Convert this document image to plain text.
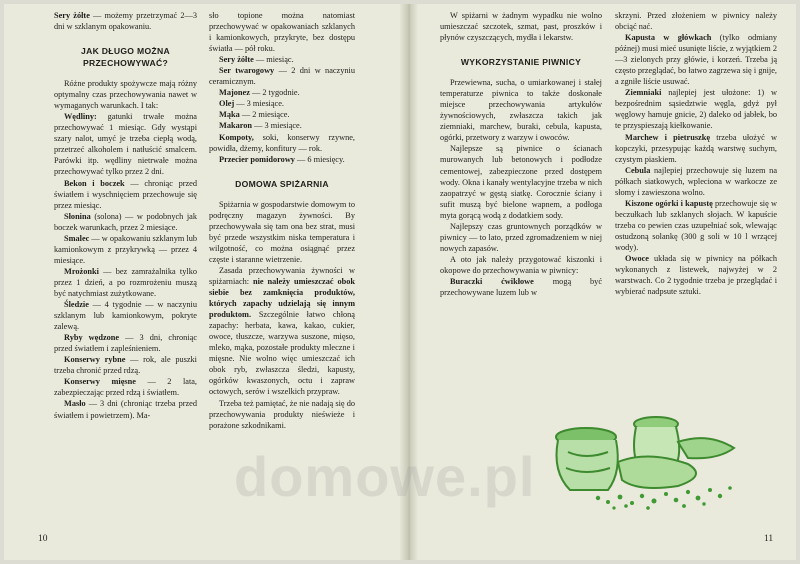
Sery żółte — możemy przetrzymać 2—3 dni w szklanym opakowaniu.

JAK DŁUGO MOŻNA PRZECHOWYWAĆ?

Różne produkty spożywcze mają różny optymalny czas przechowywania nawet w wymaganych warunkach. I tak:

Wędliny: gatunki trwałe można przechowywać 1 miesiąc. Gdy wystąpi szary nalot, umyć je trzeba ciepłą wodą, przetrzeć alkoholem i natłuścić smalcem. Parówki itp. wędliny nietrwałe można przechowywać tylko przez 2 dni.

Bekon i boczek — chroniąc przed światłem i wyschnięciem przechowuje się przez miesiąc.

Słonina (solona) — w podobnych jak boczek warunkach, przez 2 miesiące.

Smalec — w opakowaniu szklanym lub kamionkowym z przykrywką — przez 4 miesiące.

Mrożonki — bez zamrażalnika tylko przez 1 dzień, a po rozmrożeniu muszą być natychmiast zużytkowane.

Śledzie — 4 tygodnie — w naczyniu szklanym lub kamionkowym, pokryte zalewą.

Ryby wędzone — 3 dni, chroniąc przed światłem i zapleśnieniem.

Konserwy rybne — rok, ale puszki trzeba chronić przed rdzą.

Konserwy mięsne — 2 lata, zabezpieczając przed rdzą i światłem.

Masło — 3 dni (chroniąc trzeba przed światłem i powietrzem). Ma-

sło topione można natomiast przechowywać w opakowaniach szklanych i kamionkowych, przykryte, bez dostępu światła — pół roku.

Sery żółte — miesiąc.

Ser twarogowy — 2 dni w naczyniu ceramicznym.

Majonez — 2 tygodnie.

Olej — 3 miesiące.

Mąka — 2 miesiące.

Makaron — 3 miesiące.

Kompoty, soki, konserwy rzywne, powidła, dżemy, konfitury — rok.

Przecier pomidorowy — 6 miesięcy.

DOMOWA SPIŻARNIA

Spiżarnia w gospodarstwie domowym to podręczny magazyn żywności. By przechowywała się tam ona bez strat, musi być przede wszystkim niska temperatura i wilgotność, co można osiągnąć przez częste i staranne wietrzenie.

Zasada przechowywania żywności w spiżarniach: nie należy umieszczać obok siebie bez zamknięcia produktów, których zapachy udzielają się innym produktom. Szczególnie łatwo chłoną zapachy: herbata, kawa, kakao, cukier, owoce, tłuszcze, warzywa suszone, mięso, mleko, mąka, pozostałe produkty mleczne i mięsne. Nie wolno więc umieszczać ich obok ryb, zwłaszcza śledzi, kapusty, ogórków kwaszonych, octu i zapraw octowych, serów i wszelkich przypraw.

Trzeba też pamiętać, że nie nadają się do przechowywania produkty nieświeże i porażone szkodnikami.

10

W spiżarni w żadnym wypadku nie wolno umieszczać szczotek, szmat, past, proszków i płynów czyszczących, mydła i lekarstw.

WYKORZYSTANIE PIWNICY

Przewiewna, sucha, o umiarkowanej i stałej temperaturze piwnica to także doskonałe miejsce przechowywania artykułów żywnościowych, zwłaszcza takich jak ziemniaki, marchew, buraki, cebula, kapusta, ogórki, przetwory z warzyw i owoców.

Najlepsze są piwnice o ścianach murowanych lub betonowych i podłodze cementowej, zabezpieczone przed dostępem wody. Okna i kanały wentylacyjne trzeba w nich zaopatrzyć w gęstą siatkę. Corocznie ściany i sufit muszą być bielone wapnem, a podłoga myta gorącą wodą z dodatkiem sody.

Najlepszy czas gruntownych porządków w piwnicy — to lato, przed zgromadzeniem w niej nowych zapasów.

A oto jak należy przygotować kiszonki i okopowe do przechowywania w piwnicy:

Buraczki ćwikłowe mogą być przechowywane luzem lub w

skrzyni. Przed złożeniem w piwnicy należy obciąć nać.

Kapusta w główkach (tylko odmiany późnej) musi mieć usunięte liście, z wyjątkiem 2—3 zielonych przy główie, i korzeń. Trzeba ją często przeglądać, bo łatwo zagrzewa się i gnije, a zgniłe liście usuwać.

Ziemniaki najlepiej jest ułożone: 1) w bezpośrednim sąsiedztwie węgla, gdyż pył węglowy hamuje gnicie, 2) daleko od jabłek, bo te przyspieszają kiełkowanie.

Marchew i pietruszkę trzeba ułożyć w kopczyki, przesypując każdą warstwę suchym, czystym piaskiem.

Cebula najlepiej przechowuje się luzem na półkach siatkowych, wpleciona w warkocze ze słomy i zawieszona wolno.

Kiszone ogórki i kapustę przechowuje się w beczułkach lub szklanych słojach. W kapuście trzeba co pewien czas uzupełniać sok, wlewając ostudzoną solankę (300 g soli w 10 l wrzącej wody).

Owoce układa się w piwnicy na półkach wykonanych z listewek, najwyżej w 2 warstwach. Co 2 tygodnie trzeba je przeglądać i wybierać nadpsute sztuki.

11
domowe.pl
